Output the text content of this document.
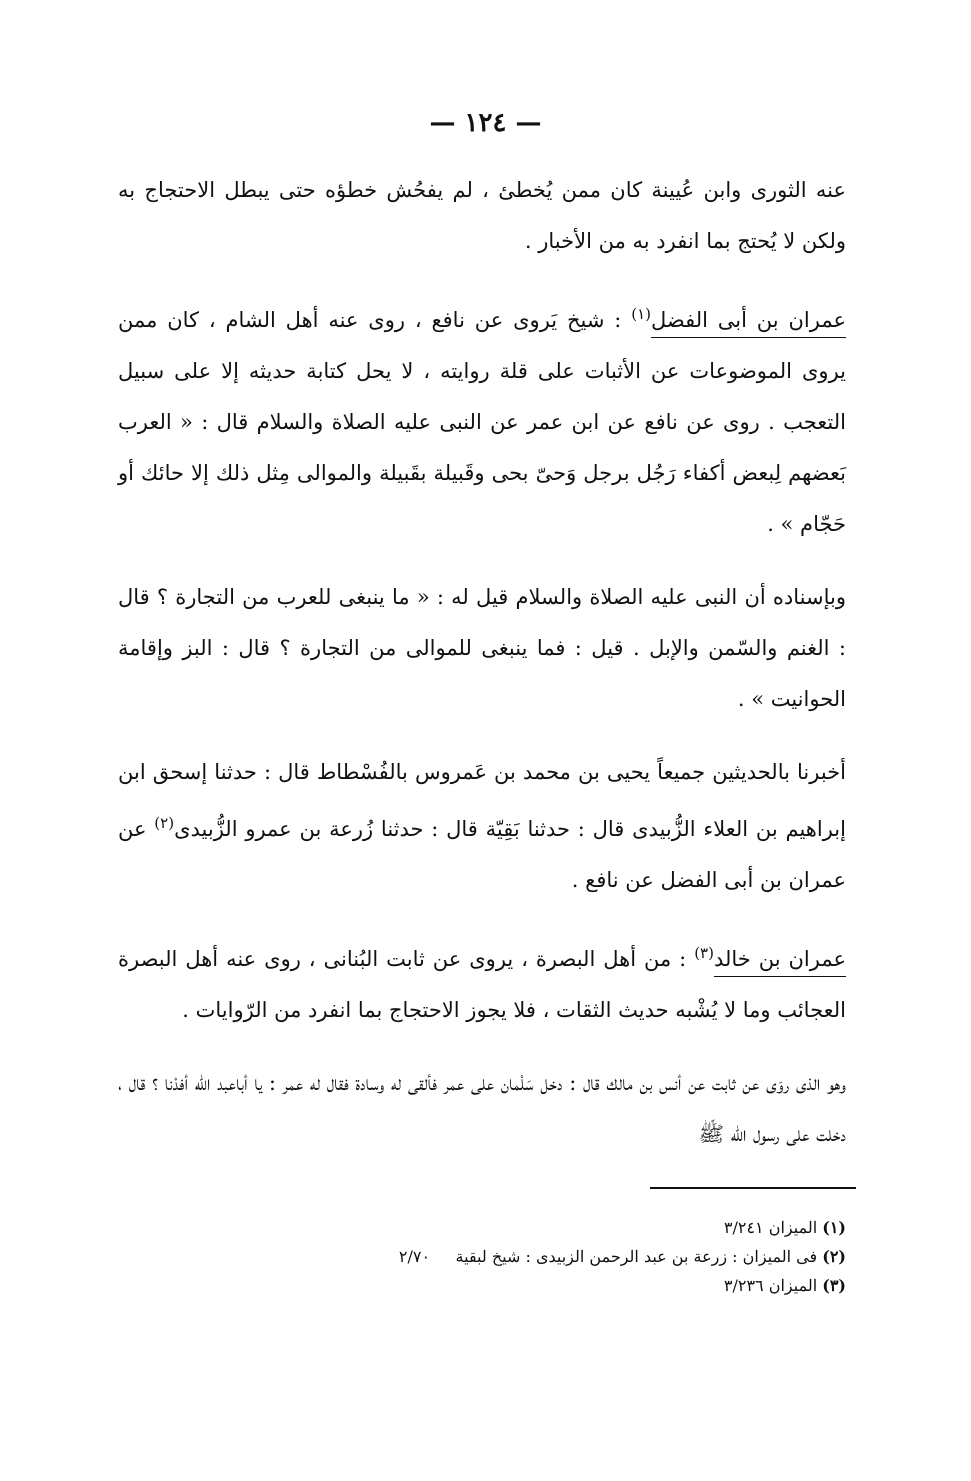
— ١٢٤ —

عنه الثوری وابن عُیینة کان ممن یُخطئ ، لم یفحُش خطؤه حتی یبطل الاحتجاج به ولکن لا یُحتج بما انفرد به من الأخبار .

عمران بن أبی الفضل$^{(١)}$ : شیخ یَروی عن نافع ، روی عنه أهل الشام ، کان ممن یروی الموضوعات عن الأثبات علی قلة روایته ، لا یحل کتابة حدیثه إلا علی سبیل التعجب . روی عن نافع عن ابن عمر عن النبی علیه الصلاة والسلام قال : « العرب بَعضهم لِبعض أکفاء رَجُل برجل وَحیّ بحی وقَبیلة بقَبیلة والموالی مِثل ذلك إلا حائك أو حَجّام » .

وبإسناده أن النبی علیه الصلاة والسلام قیل له : « ما ینبغی للعرب من التجارة ؟ قال : الغنم والسّمن والإبل . قیل : فما ینبغی للموالی من التجارة ؟ قال : البز وإقامة الحوانیت » .

أخبرنا بالحدیثین جمیعاً یحیی بن محمد بن عَمروس بالفُسْطاط قال : حدثنا إسحق ابن إبراهیم بن العلاء الزُّبیدی قال : حدثنا بَقِیّة قال : حدثنا زُرعة بن عمرو الزُّبیدی$^{(٢)}$ عن عمران بن أبی الفضل عن نافع .

عمران بن خالد$^{(٣)}$ : من أهل البصرة ، یروی عن ثابت البُنانی ، روی عنه أهل البصرة العجائب وما لا یُشْبه حدیث الثقات ، فلا یجوز الاحتجاج بما انفرد من الرّوایات .

وهو الذی روَی عن ثابت عن أنس بن مالك قال : دخل سَلْمان علی عمر فألقی له وسادة فقال له عمر : یا أباعبد الله أفدْنا ؟ قال ، دخلت علی رسول الله ﷺ

(١) المیزان ٣/٢٤١
(٢) فی المیزان : زرعة بن عبد الرحمن الزبیدی : شیخ لبقیة     ٢/٧٠
(٣) المیزان ٣/٢٣٦
